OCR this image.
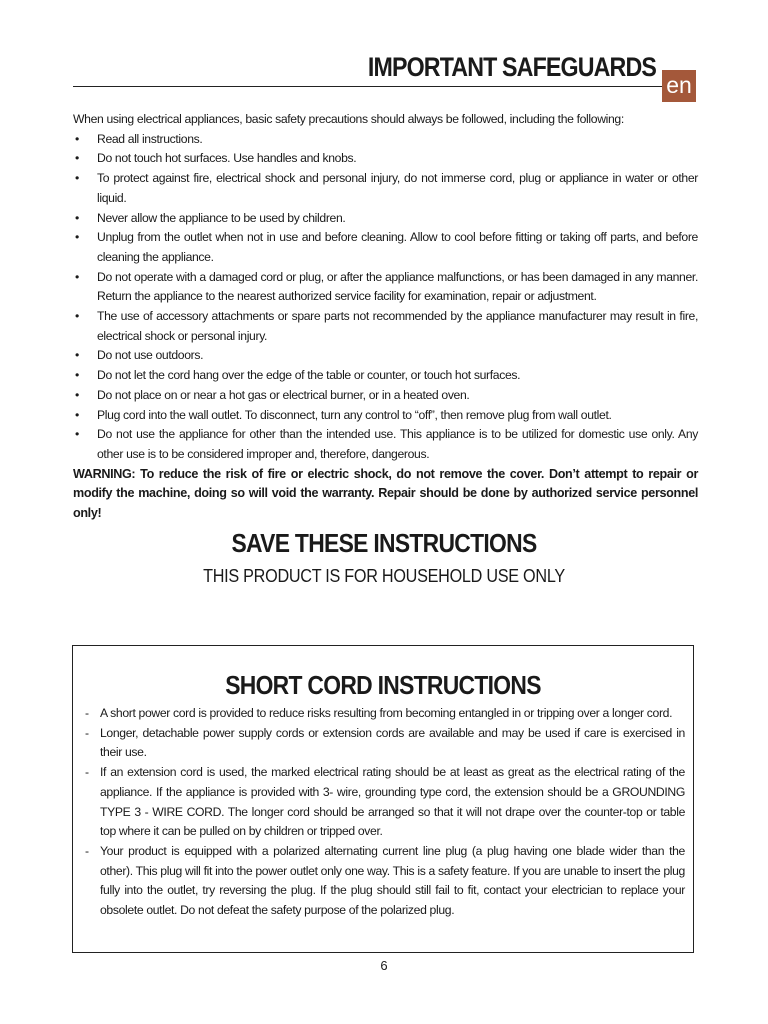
IMPORTANT SAFEGUARDS
en

When using electrical appliances, basic safety precautions should always be followed, including the following:

• Read all instructions.
• Do not touch hot surfaces. Use handles and knobs.
• To protect against fire, electrical shock and personal injury, do not immerse cord, plug or appliance in water or other liquid.
• Never allow the appliance to be used by children.
• Unplug from the outlet when not in use and before cleaning. Allow to cool before fitting or taking off parts, and before cleaning the appliance.
• Do not operate with a damaged cord or plug, or after the appliance malfunctions, or has been damaged in any manner. Return the appliance to the nearest authorized service facility for examination, repair or adjustment.
• The use of accessory attachments or spare parts not recommended by the appliance manufacturer may result in fire, electrical shock or personal injury.
• Do not use outdoors.
• Do not let the cord hang over the edge of the table or counter, or touch hot surfaces.
• Do not place on or near a hot gas or electrical burner, or in a heated oven.
• Plug cord into the wall outlet. To disconnect, turn any control to “off”, then remove plug from wall outlet.
• Do not use the appliance for other than the intended use. This appliance is to be utilized for domestic use only. Any other use is to be considered improper and, therefore, dangerous.

WARNING: To reduce the risk of fire or electric shock, do not remove the cover. Don’t attempt to repair or modify the machine, doing so will void the warranty. Repair should be done by authorized service personnel only!

SAVE THESE INSTRUCTIONS

THIS PRODUCT IS FOR HOUSEHOLD USE ONLY

SHORT CORD INSTRUCTIONS
- A short power cord is provided to reduce risks resulting from becoming entangled in or tripping over a longer cord.
- Longer, detachable power supply cords or extension cords are available and may be used if care is exercised in their use.
- If an extension cord is used, the marked electrical rating should be at least as great as the electrical rating of the appliance. If the appliance is provided with 3- wire, grounding type cord, the extension should be a GROUNDING TYPE 3 - WIRE CORD. The longer cord should be arranged so that it will not drape over the counter-top or table top where it can be pulled on by children or tripped over.
- Your product is equipped with a polarized alternating current line plug (a plug having one blade wider than the other). This plug will fit into the power outlet only one way. This is a safety feature. If you are unable to insert the plug fully into the outlet, try reversing the plug. If the plug should still fail to fit, contact your electrician to replace your obsolete outlet. Do not defeat the safety purpose of the polarized plug.

6
